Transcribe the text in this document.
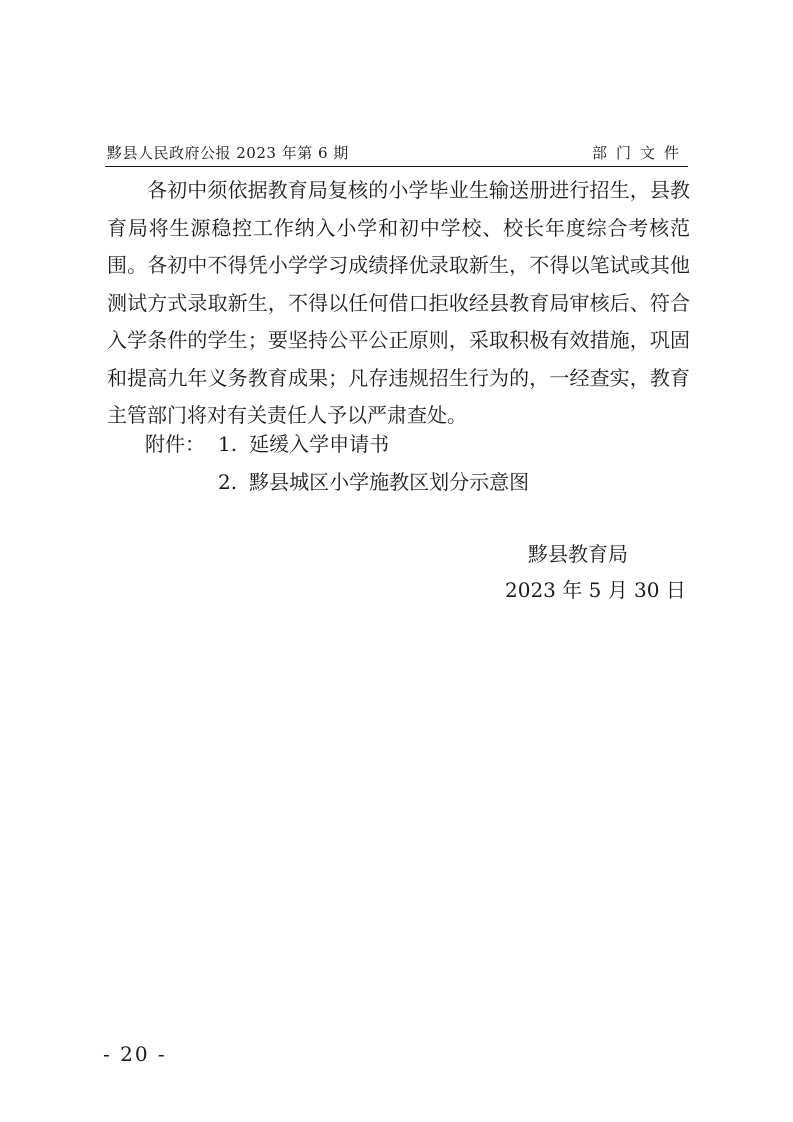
黟县人民政府公报 2023 年第 6 期	部门文件

各初中须依据教育局复核的小学毕业生输送册进行招生，县教育局将生源稳控工作纳入小学和初中学校、校长年度综合考核范围。各初中不得凭小学学习成绩择优录取新生，不得以笔试或其他测试方式录取新生，不得以任何借口拒收经县教育局审核后、符合入学条件的学生；要坚持公平公正原则，采取积极有效措施，巩固和提高九年义务教育成果；凡存违规招生行为的，一经查实，教育主管部门将对有关责任人予以严肃查处。

附件： 1. 延缓入学申请书
2. 黟县城区小学施教区划分示意图
黟县教育局
2023 年 5 月 30 日
- 20 -
